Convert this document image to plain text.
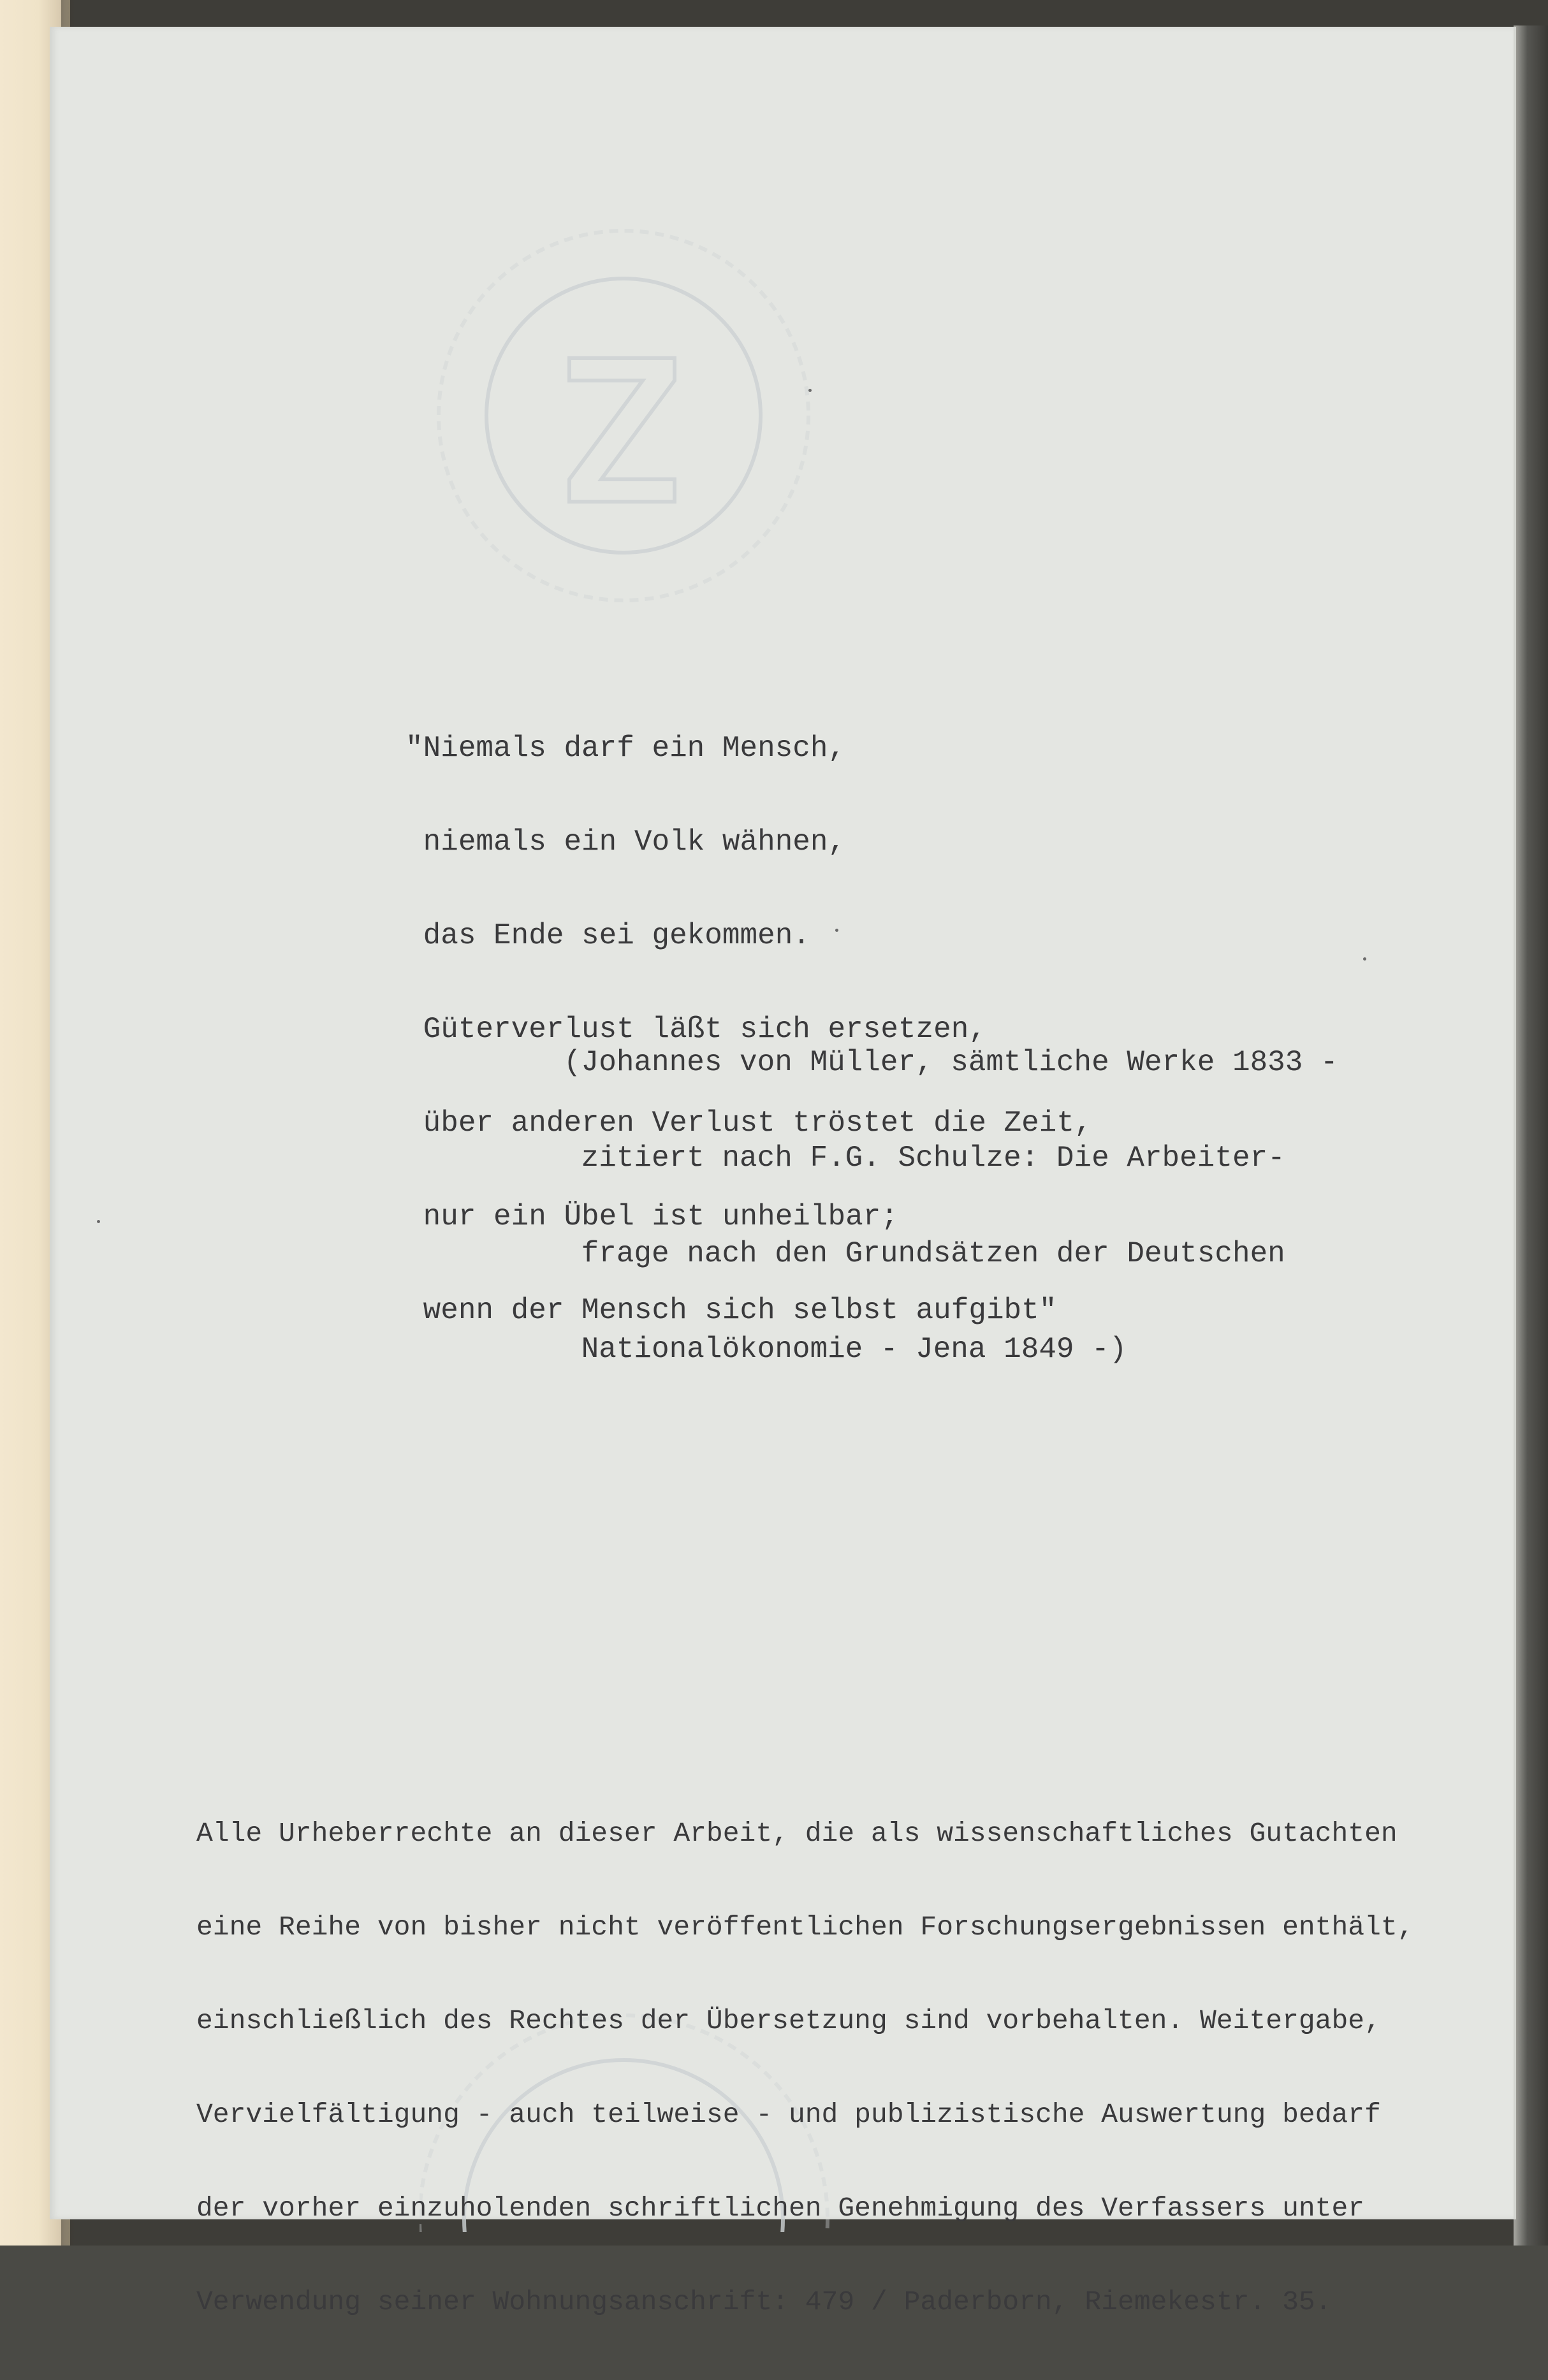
"Niemals darf ein Mensch,

niemals ein Volk wähnen,

das Ende sei gekommen.

Güterverlust läßt sich ersetzen,

über anderen Verlust tröstet die Zeit,

nur ein Übel ist unheilbar;

wenn der Mensch sich selbst aufgibt"

(Johannes von Müller, sämtliche Werke 1833 -

zitiert nach F.G. Schulze: Die Arbeiter-

frage nach den Grundsätzen der Deutschen

Nationalökonomie - Jena 1849 -)

Alle Urheberrechte an dieser Arbeit, die als wissenschaftliches Gutachten

eine Reihe von bisher nicht veröffentlichen Forschungsergebnissen enthält,

einschließlich des Rechtes der Übersetzung sind vorbehalten. Weitergabe,

Vervielfältigung - auch teilweise - und publizistische Auswertung bedarf

der vorher einzuholenden schriftlichen Genehmigung des Verfassers unter

Verwendung seiner Wohnungsanschrift: 479 / Paderborn, Riemekestr. 35.
